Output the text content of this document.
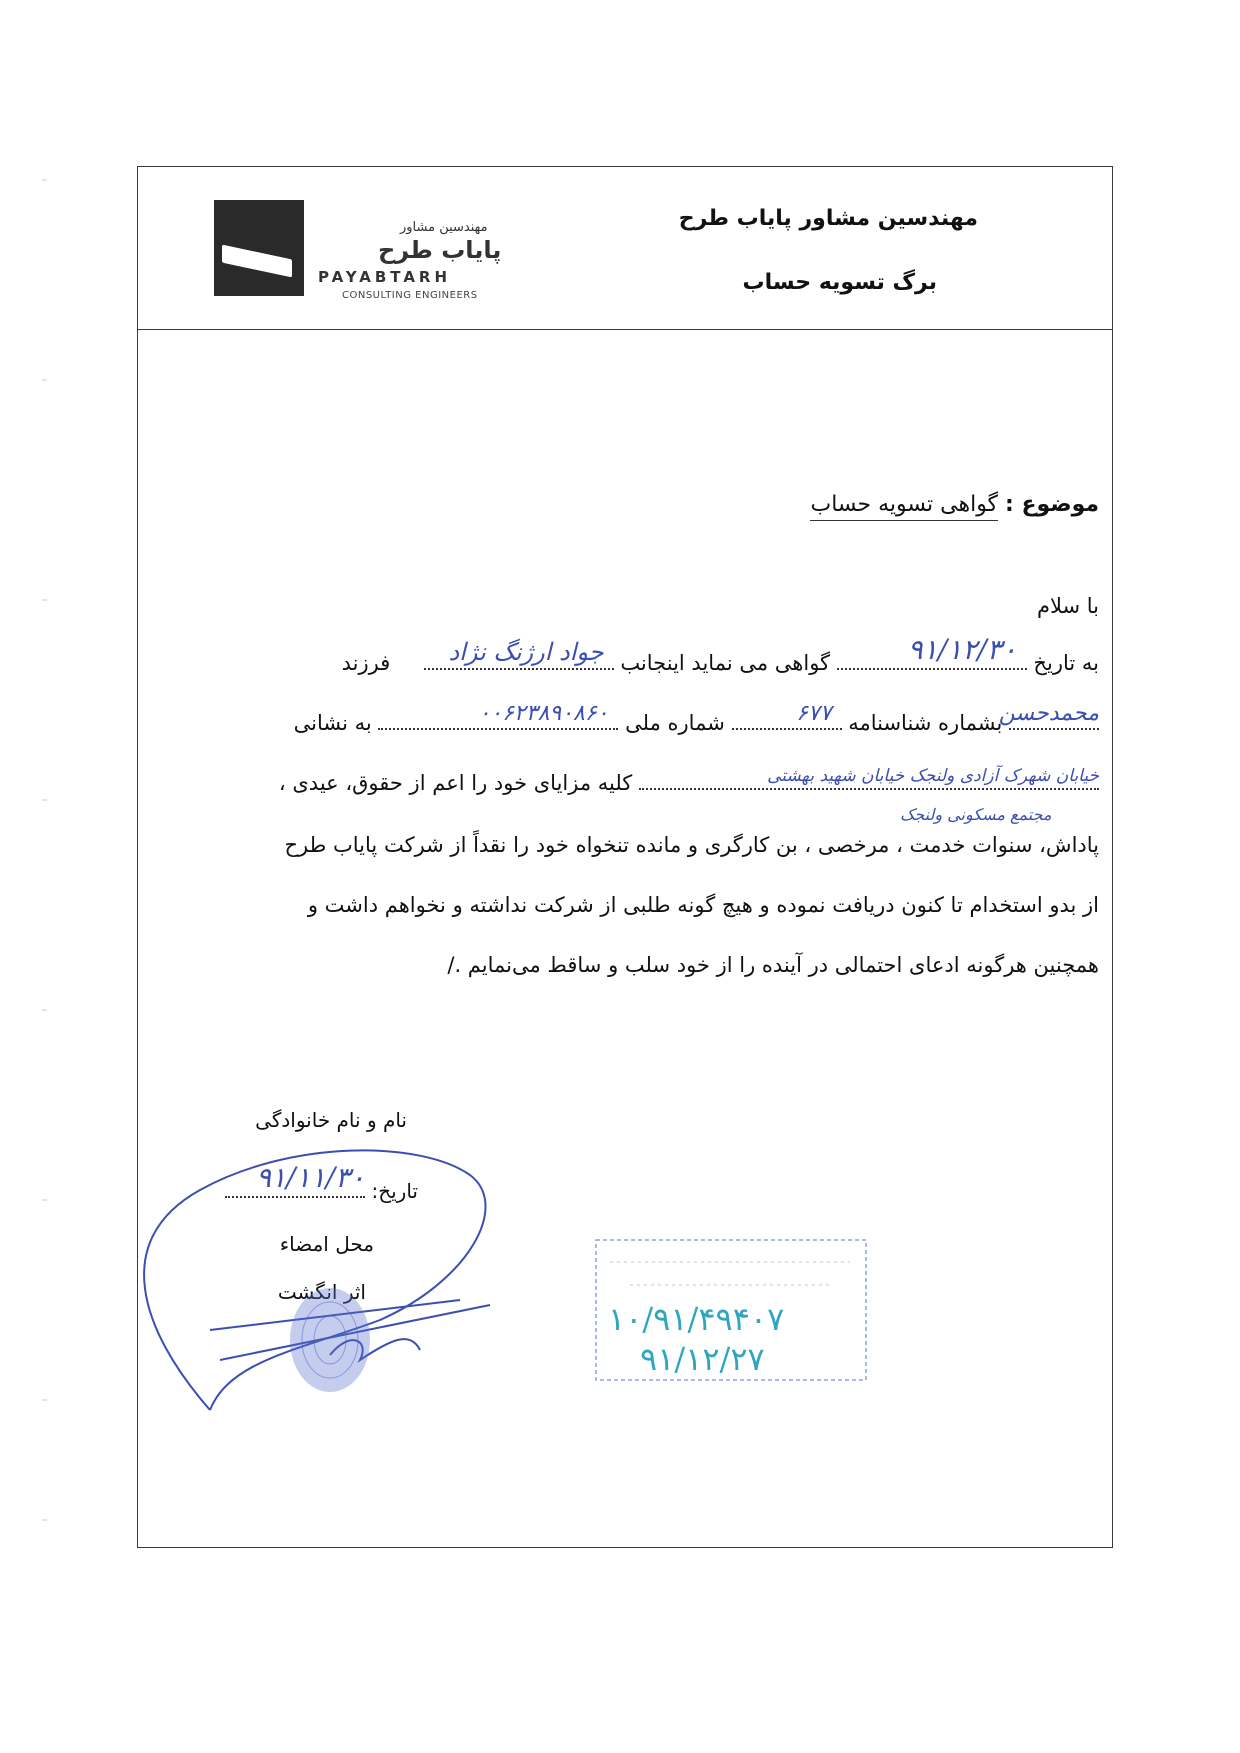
مهندسین مشاور
پایاب طرح
PAYABTARH
CONSULTING ENGINEERS
مهندسین مشاور پایاب طرح
برگ تسویه حساب
موضوع : گواهی تسویه حساب
با سلام
به تاریخ
۹۱/۱۲/۳۰
گواهی می نماید اینجانب
جواد ارژنگ نژاد
فرزند
محمدحسن
بشماره شناسنامه
۶۷۷
شماره ملی
۰۰۶۲۳۸۹۰۸۶۰
به نشانی
خیابان شهرک آزادی ولنجک خیابان شهید بهشتی
کلیه مزایای خود را اعم از حقوق، عیدی ،
مجتمع مسکونی ولنجک
پاداش، سنوات خدمت ، مرخصی ، بن کارگری و مانده تنخواه خود را نقداً از شرکت پایاب طرح
از بدو استخدام تا کنون دریافت نموده و هیچ گونه طلبی از شرکت نداشته و نخواهم داشت و
همچنین هرگونه ادعای احتمالی در آینده را از خود سلب و ساقط می‌نمایم ./
نام و نام خانوادگی
تاریخ:
۹۱/۱۱/۳۰
محل امضاء
اثر انگشت
۱۰/۹۱/۴۹۴۰۷
۹۱/۱۲/۲۷
